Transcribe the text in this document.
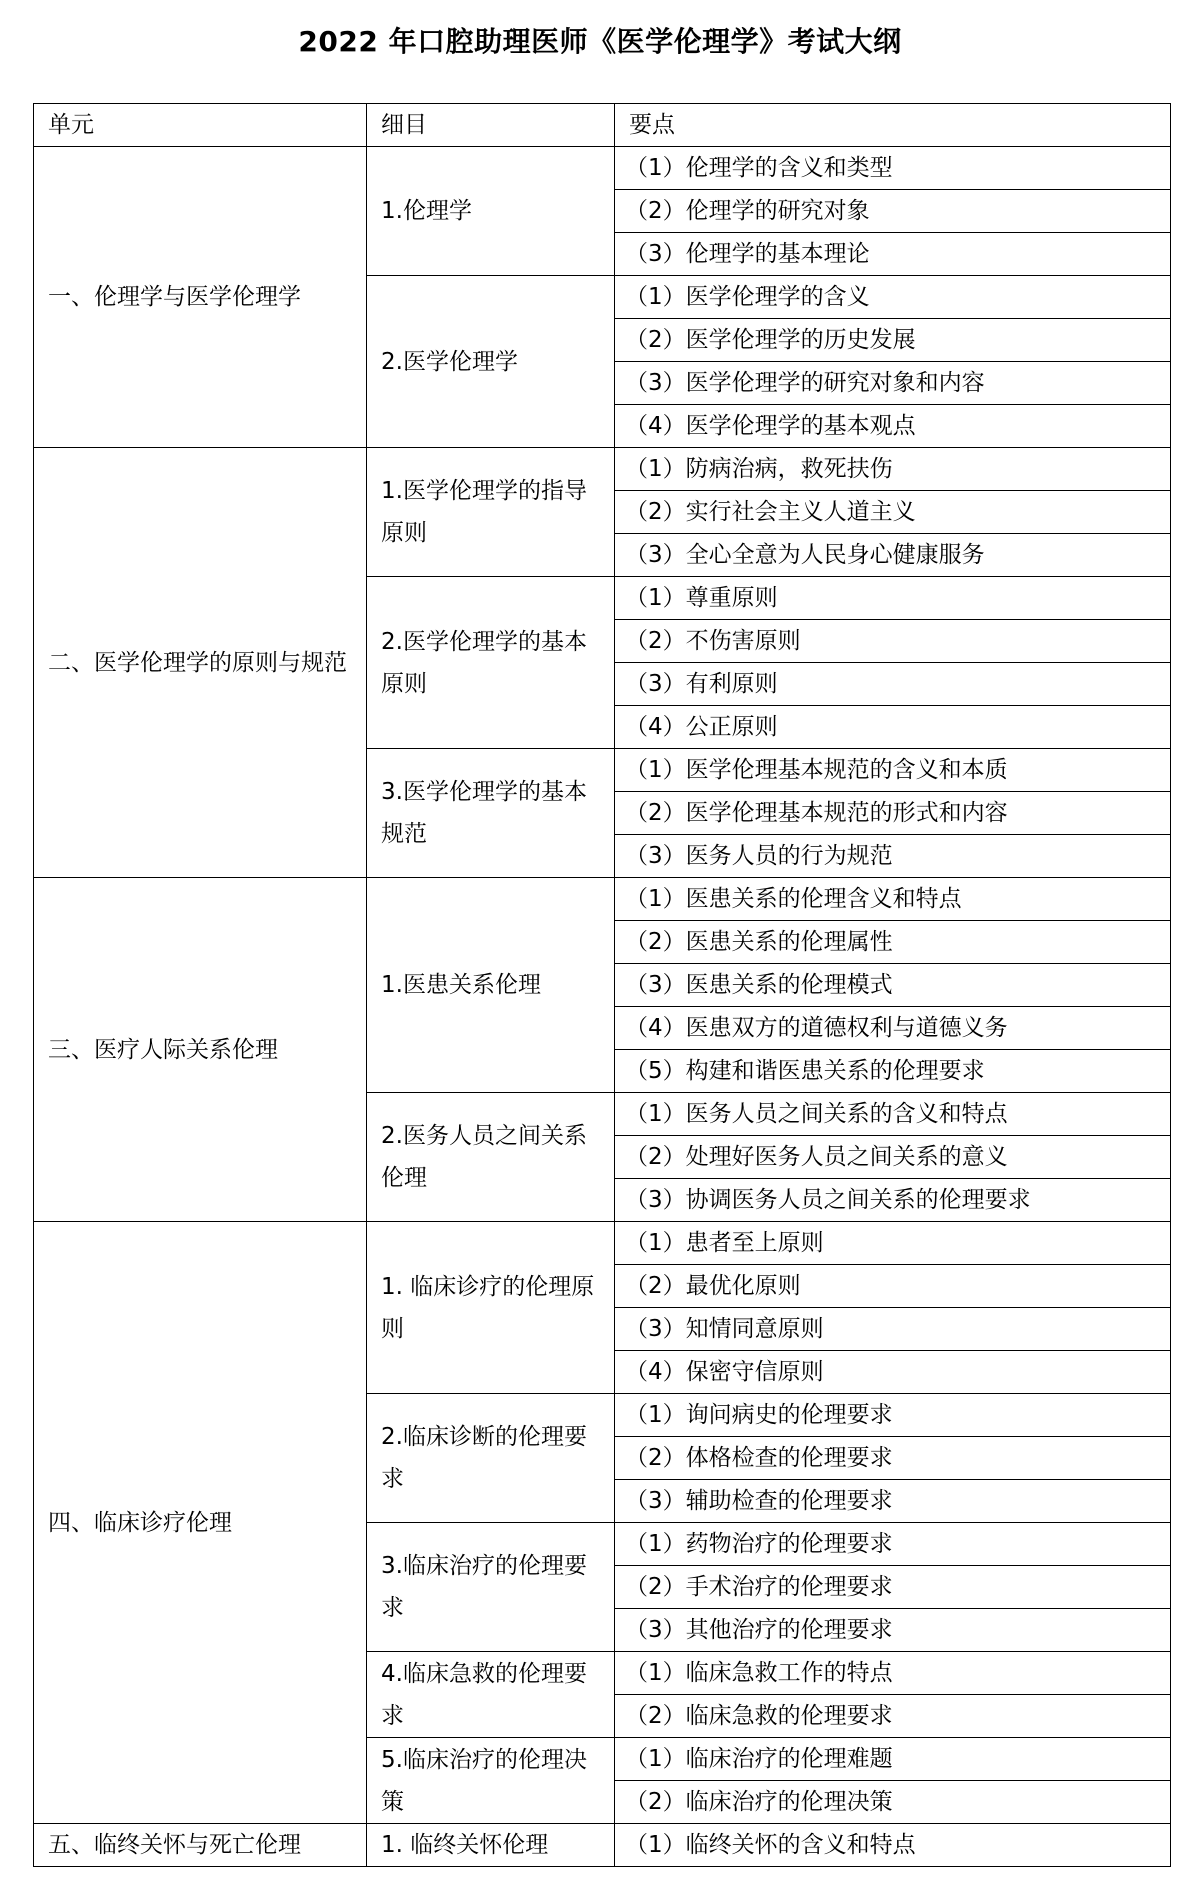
2022 年口腔助理医师《医学伦理学》考试大纲
单元	细目	要点
一、伦理学与医学伦理学	1.伦理学	（1）伦理学的含义和类型
		（2）伦理学的研究对象
		（3）伦理学的基本理论
	2.医学伦理学	（1）医学伦理学的含义
		（2）医学伦理学的历史发展
		（3）医学伦理学的研究对象和内容
		（4）医学伦理学的基本观点
二、医学伦理学的原则与规范	1.医学伦理学的指导原则	（1）防病治病，救死扶伤
		（2）实行社会主义人道主义
		（3）全心全意为人民身心健康服务
	2.医学伦理学的基本原则	（1）尊重原则
		（2）不伤害原则
		（3）有利原则
		（4）公正原则
	3.医学伦理学的基本规范	（1）医学伦理基本规范的含义和本质
		（2）医学伦理基本规范的形式和内容
		（3）医务人员的行为规范
三、医疗人际关系伦理	1.医患关系伦理	（1）医患关系的伦理含义和特点
		（2）医患关系的伦理属性
		（3）医患关系的伦理模式
		（4）医患双方的道德权利与道德义务
		（5）构建和谐医患关系的伦理要求
	2.医务人员之间关系伦理	（1）医务人员之间关系的含义和特点
		（2）处理好医务人员之间关系的意义
		（3）协调医务人员之间关系的伦理要求
四、临床诊疗伦理	1. 临床诊疗的伦理原则	（1）患者至上原则
		（2）最优化原则
		（3）知情同意原则
		（4）保密守信原则
	2.临床诊断的伦理要求	（1）询问病史的伦理要求
		（2）体格检查的伦理要求
		（3）辅助检查的伦理要求
	3.临床治疗的伦理要求	（1）药物治疗的伦理要求
		（2）手术治疗的伦理要求
		（3）其他治疗的伦理要求
	4.临床急救的伦理要求	（1）临床急救工作的特点
		（2）临床急救的伦理要求
	5.临床治疗的伦理决策	（1）临床治疗的伦理难题
		（2）临床治疗的伦理决策
五、临终关怀与死亡伦理	1. 临终关怀伦理	（1）临终关怀的含义和特点
